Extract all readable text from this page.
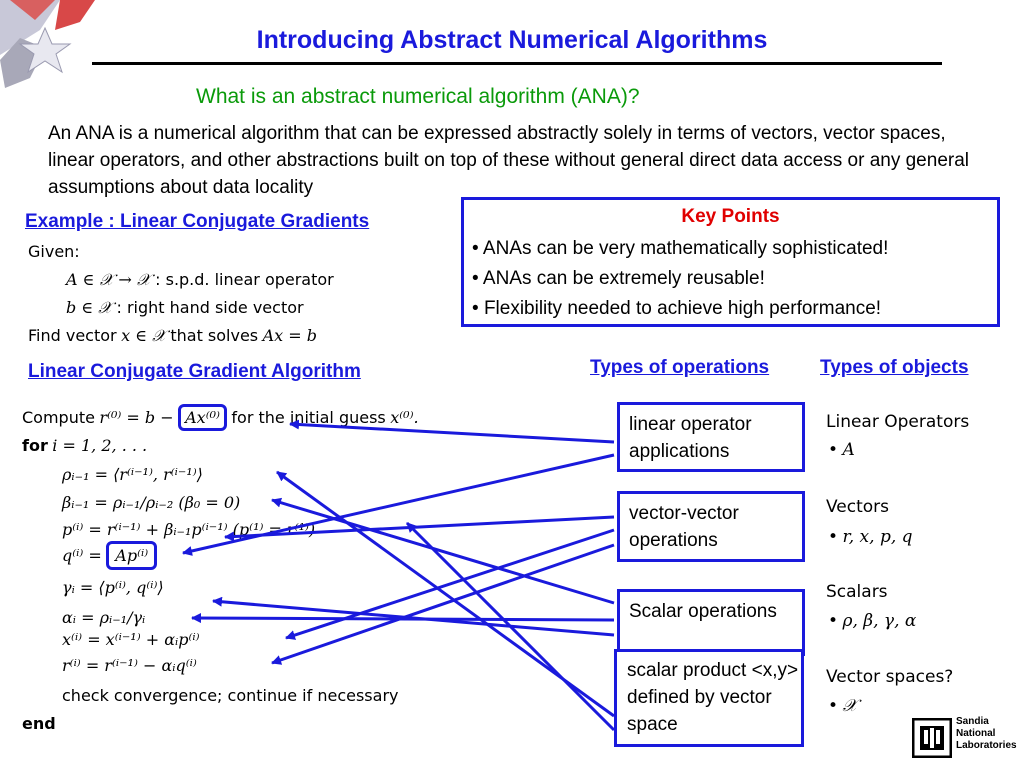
Introducing Abstract Numerical Algorithms
What is an abstract numerical algorithm (ANA)?
An ANA is a numerical algorithm that can be expressed abstractly solely in terms of vectors, vector spaces, linear operators, and other abstractions built on top of these without general direct data access or any general assumptions about data locality
Example : Linear Conjugate Gradients
Given:
A ∈ 𝒳 → 𝒳 : s.p.d. linear operator
b ∈ 𝒳 : right hand side vector
Find vector x ∈ 𝒳 that solves Ax = b
Key Points
• ANAs can be very mathematically sophisticated!
• ANAs can be extremely reusable!
• Flexibility needed to achieve high performance!
Linear Conjugate Gradient Algorithm
Compute r⁽⁰⁾ = b − Ax⁽⁰⁾ for the initial guess x⁽⁰⁾.
for i = 1, 2, . . .
ρᵢ₋₁ = ⟨r⁽ⁱ⁻¹⁾, r⁽ⁱ⁻¹⁾⟩
βᵢ₋₁ = ρᵢ₋₁/ρᵢ₋₂ (β₀ = 0)
p⁽ⁱ⁾ = r⁽ⁱ⁻¹⁾ + βᵢ₋₁p⁽ⁱ⁻¹⁾ (p⁽¹⁾ = r⁽¹⁾)
q⁽ⁱ⁾ = Ap⁽ⁱ⁾
γᵢ = ⟨p⁽ⁱ⁾, q⁽ⁱ⁾⟩
αᵢ = ρᵢ₋₁/γᵢ
x⁽ⁱ⁾ = x⁽ⁱ⁻¹⁾ + αᵢp⁽ⁱ⁾
r⁽ⁱ⁾ = r⁽ⁱ⁻¹⁾ − αᵢq⁽ⁱ⁾
check convergence; continue if necessary
end
Types of operations
linear operator applications
vector-vector operations
Scalar operations
scalar product <x,y> defined by vector space
Types of objects
Linear Operators
• A
Vectors
• r, x, p, q
Scalars
• ρ, β, γ, α
Vector spaces?
• 𝒳
Sandia
National
Laboratories
